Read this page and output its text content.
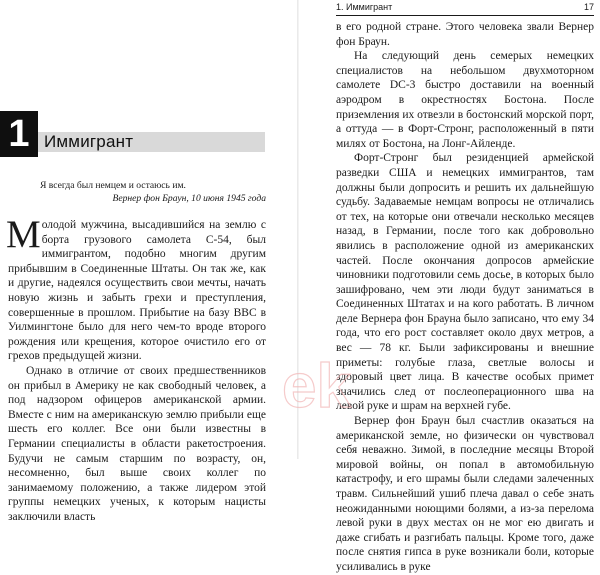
1 Иммигрант
Я всегда был немцем и остаюсь им.
Вернер фон Браун, 10 июня 1945 года

Молодой мужчина, высадившийся на землю с борта грузового самолета С-54, был иммигрантом, подобно многим другим прибывшим в Соединенные Штаты. Он так же, как и другие, надеялся осуществить свои мечты, начать новую жизнь и забыть грехи и преступления, совершенные в прошлом. Прибытие на базу ВВС в Уилмингтоне было для него чем-то вроде второго рождения или крещения, которое очистило его от грехов предыдущей жизни.

Однако в отличие от своих предшественников он прибыл в Америку не как свободный человек, а под надзором офицеров американской армии. Вместе с ним на американскую землю прибыли еще шесть его коллег. Все они были известны в Германии специалисты в области ракетостроения. Будучи не самым старшим по возрасту, он, несомненно, был выше своих коллег по занимаемому положению, а также лидером этой группы немецких ученых, к которым нацисты заключили власть

1. Иммигрант	17

в его родной стране. Этого человека звали Вернер фон Браун.

На следующий день семерых немецких специалистов на небольшом двухмоторном самолете DC-3 быстро доставили на военный аэродром в окрестностях Бостона. После приземления их отвезли в бостонский морской порт, а оттуда — в Форт-Стронг, расположенный в пяти милях от Бостона, на Лонг-Айленде.

Форт-Стронг был резиденцией армейской разведки США и немецких иммигрантов, там должны были допросить и решить их дальнейшую судьбу. Задаваемые немцам вопросы не отличались от тех, на которые они отвечали несколько месяцев назад, в Германии, после того как добровольно явились в расположение одной из американских частей. После окончания допросов армейские чиновники подготовили семь досье, в которых было зашифровано, чем эти люди будут заниматься в Соединенных Штатах и на кого работать. В личном деле Вернера фон Брауна было записано, что ему 34 года, что его рост составляет около двух метров, а вес — 78 кг. Были зафиксированы и внешние приметы: голубые глаза, светлые волосы и здоровый цвет лица. В качестве особых примет значились след от послеоперационного шва на левой руке и шрам на верхней губе.

Вернер фон Браун был счастлив оказаться на американской земле, но физически он чувствовал себя неважно. Зимой, в последние месяцы Второй мировой войны, он попал в автомобильную катастрофу, и его шрамы были следами залеченных травм. Сильнейший ушиб плеча давал о себе знать неожиданными ноющими болями, а из-за перелома левой руки в двух местах он не мог ею двигать и даже сгибать и разгибать пальцы. Кроме того, даже после снятия гипса в руке возникали боли, которые усиливались в руке

ek
